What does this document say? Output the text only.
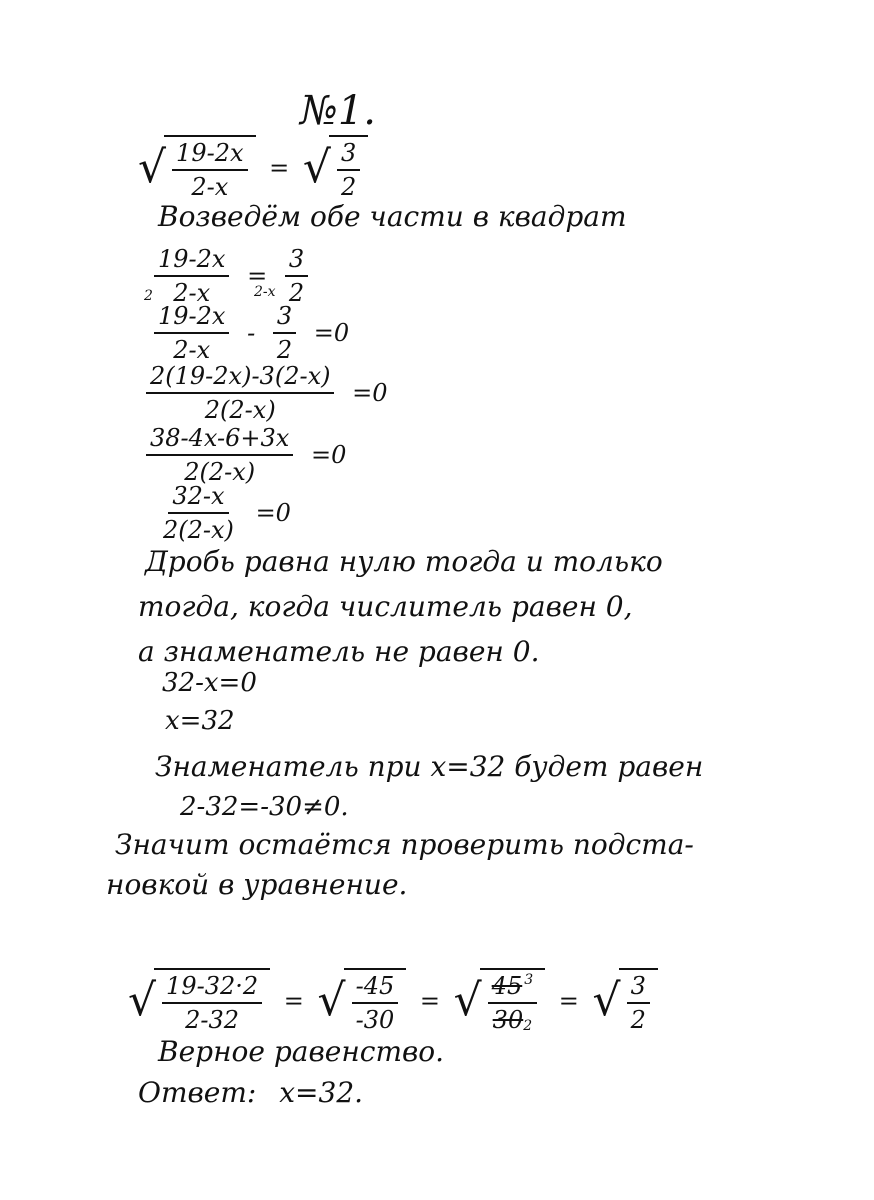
№1.
√ $\frac{19-2x}{2-x}$ = √ $\frac{3}{2}$
Возведём обе части в квадрат
$\frac{19-2x}{2-x} = \frac{3}{2}$
2	2-x
$\frac{19-2x}{2-x} - \frac{3}{2} =0$
$\frac{2(19-2x)-3(2-x)}{2(2-x)} =0$
$\frac{38-4x-6+3x}{2(2-x)} =0$
$\frac{32-x}{2(2-x)} =0$
Дробь равна нулю тогда и только
тогда, когда числитель равен 0,
а знаменатель не равен 0.
32-x=0
x=32
Знаменатель при x=32 будет равен
2-32=-30≠0.
Значит остаётся проверить подста-
новкой в уравнение.
√ $\frac{19-32\cdot 2}{2-32}$ = √ $\frac{-45}{-30}$ = √ $\frac{45 ^3}{302}$ = √ $\frac{3}{2}$
Верное равенство.
Ответ: x=32.
